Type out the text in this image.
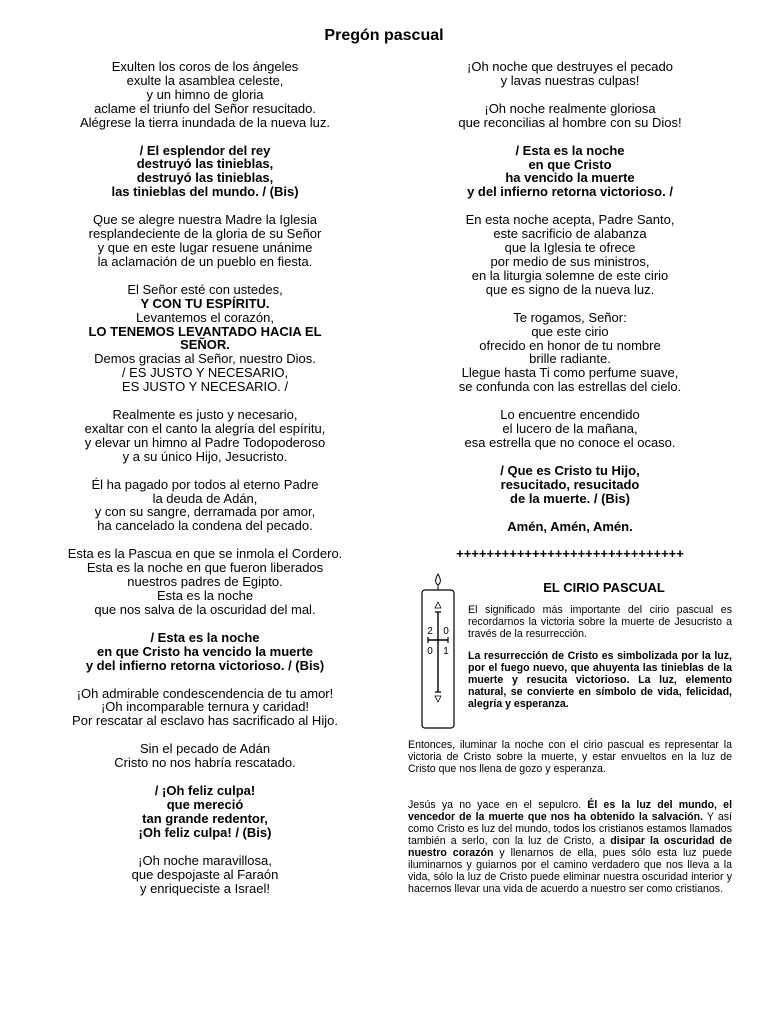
Pregón pascual
Exulten los coros de los ángeles
exulte la asamblea celeste,
y un himno de gloria
aclame el triunfo del Señor resucitado.
Alégrese la tierra inundada de la nueva luz.
/ El esplendor del rey
destruyó las tinieblas,
destruyó las tinieblas,
las tinieblas del mundo. / (Bis)
Que se alegre nuestra Madre la Iglesia
resplandeciente de la gloria de su Señor
y que en este lugar resuene unánime
la aclamación de un pueblo en fiesta.
El Señor esté con ustedes,
Y CON TU ESPÍRITU.
Levantemos el corazón,
LO TENEMOS LEVANTADO HACIA EL
SEÑOR.
Demos gracias al Señor, nuestro Dios.
/ ES JUSTO Y NECESARIO,
ES JUSTO Y NECESARIO. /
Realmente es justo y necesario,
exaltar con el canto la alegría del espíritu,
y elevar un himno al Padre Todopoderoso
y a su único Hijo, Jesucristo.
Él ha pagado por todos al eterno Padre
la deuda de Adán,
y con su sangre, derramada por amor,
ha cancelado la condena del pecado.
Esta es la Pascua en que se inmola el Cordero.
Esta es la noche en que fueron liberados
nuestros padres de Egipto.
Esta es la noche
que nos salva de la oscuridad del mal.
/ Esta es la noche
en que Cristo ha vencido la muerte
y del infierno retorna victorioso. / (Bis)
¡Oh admirable condescendencia de tu amor!
¡Oh incomparable ternura y caridad!
Por rescatar al esclavo has sacrificado al Hijo.
Sin el pecado de Adán
Cristo no nos habría rescatado.
/ ¡Oh feliz culpa!
que mereció
tan grande redentor,
¡Oh feliz culpa! / (Bis)
¡Oh noche maravillosa,
que despojaste al Faraón
y enriqueciste a Israel!
¡Oh noche que destruyes el pecado
y lavas nuestras culpas!
¡Oh noche realmente gloriosa
que reconcilias al hombre con su Dios!
/ Esta es la noche
en que Cristo
ha vencido la muerte
y del infierno retorna victorioso. /
En esta noche acepta, Padre Santo,
este sacrificio de alabanza
que la Iglesia te ofrece
por medio de sus ministros,
en la liturgia solemne de este cirio
que es signo de la nueva luz.
Te rogamos, Señor:
que este cirio
ofrecido en honor de tu nombre
brille radiante.
Llegue hasta Ti como perfume suave,
se confunda con las estrellas del cielo.
Lo encuentre encendido
el lucero de la mañana,
esa estrella que no conoce el ocaso.
/ Que es Cristo tu Hijo,
resucitado, resucitado
de la muerte. / (Bis)
Amén, Amén, Amén.
++++++++++++++++++++++++++++++
EL CIRIO PASCUAL
2 0
0 1

El significado más importante del cirio pascual es recordarnos la victoria sobre la muerte de Jesucristo a través de la resurrección.

La resurrección de Cristo es simbolizada por la luz, por el fuego nuevo, que ahuyenta las tinieblas de la muerte y resucita victorioso. La luz, elemento natural, se convierte en símbolo de vida, felicidad, alegría y esperanza.

Entonces, iluminar la noche con el cirio pascual es representar la victoria de Cristo sobre la muerte, y estar envueltos en la luz de Cristo que nos llena de gozo y esperanza.
Jesús ya no yace en el sepulcro. Él es la luz del mundo, el vencedor de la muerte que nos ha obtenido la salvación. Y así como Cristo es luz del mundo, todos los cristianos estamos llamados también a serlo, con la luz de Cristo, a disipar la oscuridad de nuestro corazón y llenarnos de ella, pues sólo esta luz puede iluminarnos y guiarnos por el camino verdadero que nos lleva a la vida, sólo la luz de Cristo puede eliminar nuestra oscuridad interior y hacernos llevar una vida de acuerdo a nuestro ser como cristianos.
